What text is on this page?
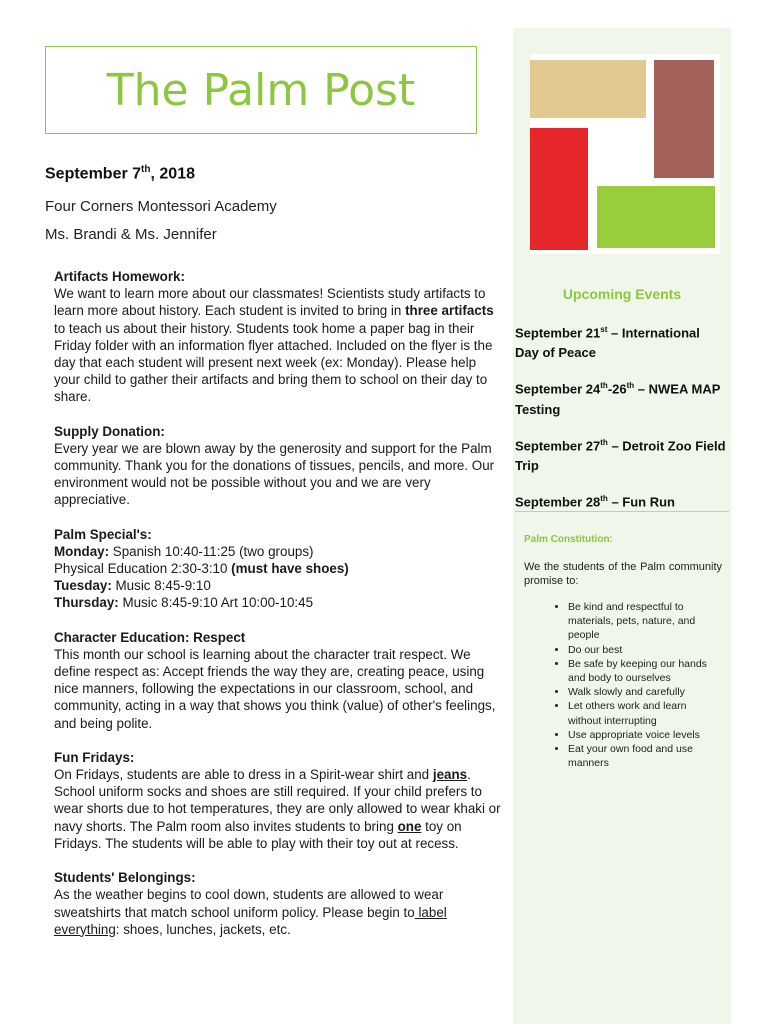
The Palm Post
September 7th, 2018
Four Corners Montessori Academy
Ms. Brandi & Ms. Jennifer
Artifacts Homework:
We want to learn more about our classmates! Scientists study artifacts to learn more about history. Each student is invited to bring in three artifacts to teach us about their history. Students took home a paper bag in their Friday folder with an information flyer attached. Included on the flyer is the day that each student will present next week (ex: Monday). Please help your child to gather their artifacts and bring them to school on their day to share.
Supply Donation:
Every year we are blown away by the generosity and support for the Palm community. Thank you for the donations of tissues, pencils, and more. Our environment would not be possible without you and we are very appreciative.
Palm Special's:
Monday: Spanish 10:40-11:25 (two groups)
Physical Education 2:30-3:10 (must have shoes)
Tuesday: Music 8:45-9:10
Thursday: Music 8:45-9:10 Art 10:00-10:45
Character Education: Respect
This month our school is learning about the character trait respect. We define respect as: Accept friends the way they are, creating peace, using nice manners, following the expectations in our classroom, school, and community, acting in a way that shows you think (value) of other's feelings, and being polite.
Fun Fridays:
On Fridays, students are able to dress in a Spirit-wear shirt and jeans. School uniform socks and shoes are still required. If your child prefers to wear shorts due to hot temperatures, they are only allowed to wear khaki or navy shorts. The Palm room also invites students to bring one toy on Fridays. The students will be able to play with their toy out at recess.
Students' Belongings:
As the weather begins to cool down, students are allowed to wear sweatshirts that match school uniform policy. Please begin to label everything: shoes, lunches, jackets, etc.
Upcoming Events
September 21st – International Day of Peace
September 24th-26th – NWEA MAP Testing
September 27th – Detroit Zoo Field Trip
September 28th – Fun Run
Palm Constitution:
We the students of the Palm community promise to:
• Be kind and respectful to materials, pets, nature, and people
• Do our best
• Be safe by keeping our hands and body to ourselves
• Walk slowly and carefully
• Let others work and learn without interrupting
• Use appropriate voice levels
• Eat your own food and use manners
